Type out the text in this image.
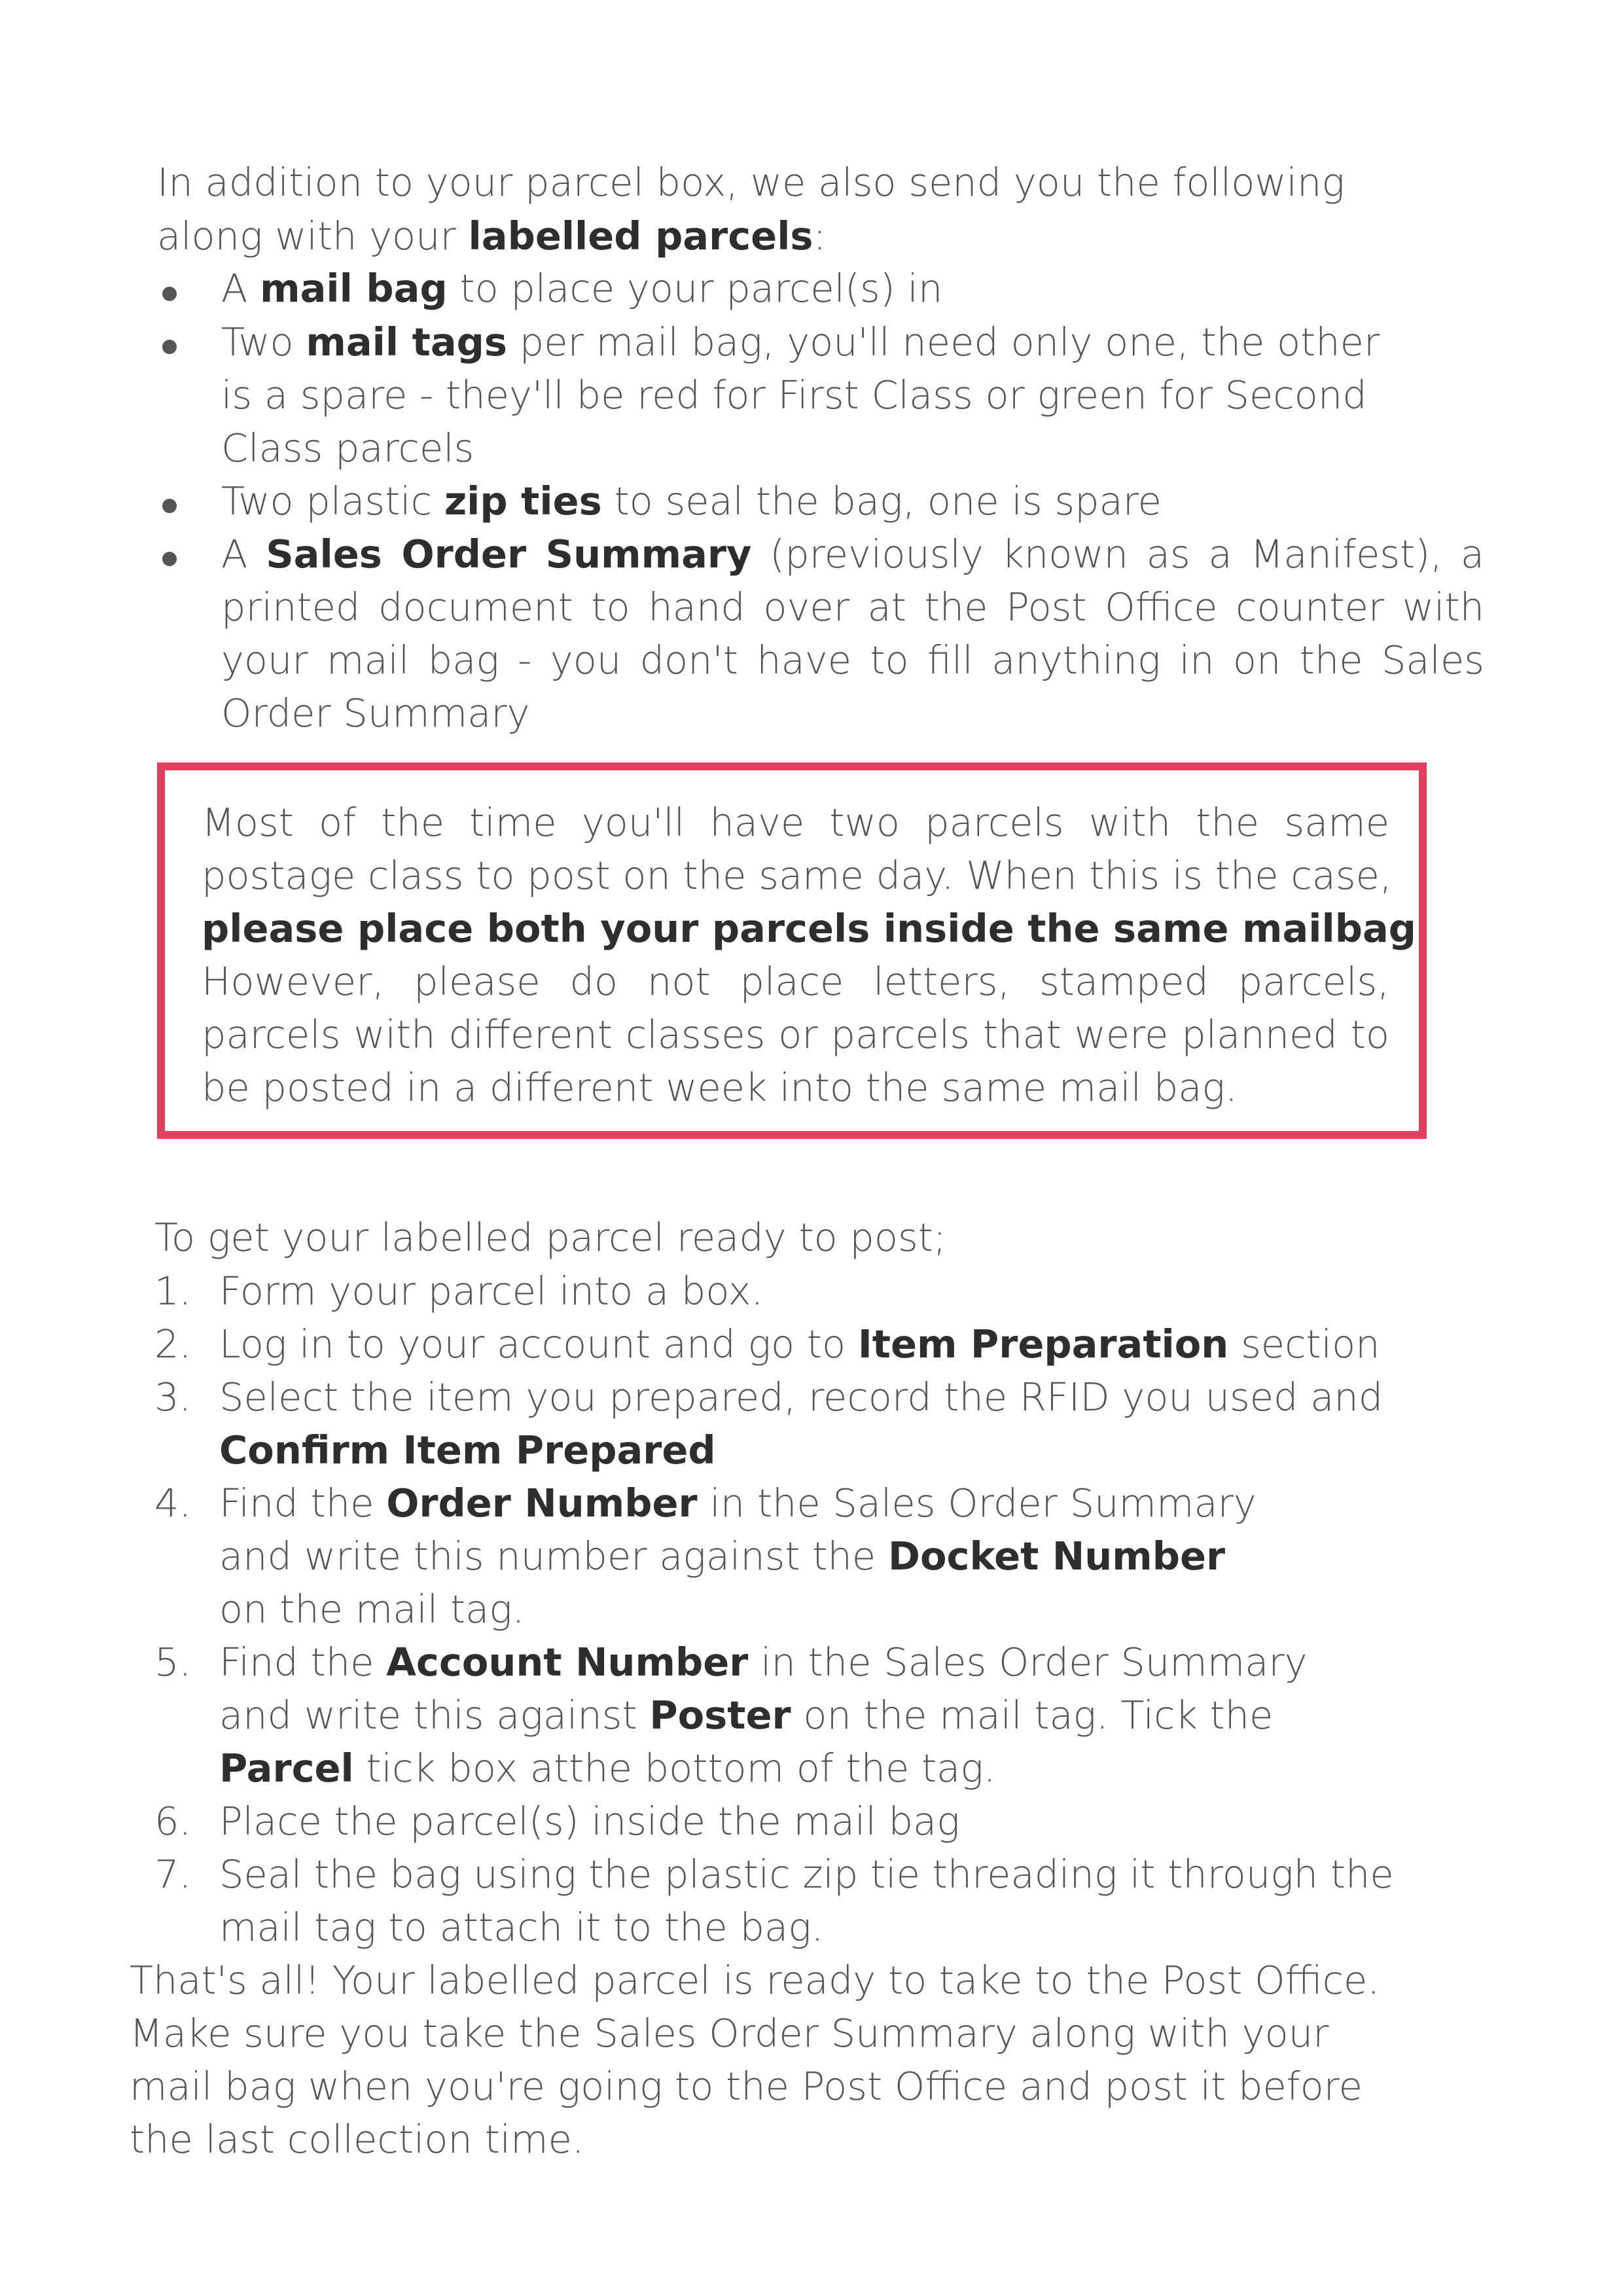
In addition to your parcel box, we also send you the following
along with your labelled parcels:
A mail bag to place your parcel(s) in
Two mail tags per mail bag, you'll need only one, the other
is a spare - they'll be red for First Class or green for Second
Class parcels
Two plastic zip ties to seal the bag, one is spare
A Sales Order Summary (previously known as a Manifest), a
printed document to hand over at the Post Office counter with
your mail bag - you don't have to fill anything in on the Sales
Order Summary
Most of the time you'll have two parcels with the same
postage class to post on the same day. When this is the case,
please place both your parcels inside the same mailbag
However, please do not place letters, stamped parcels,
parcels with different classes or parcels that were planned to
be posted in a different week into the same mail bag.
To get your labelled parcel ready to post;
1. Form your parcel into a box.
2. Log in to your account and go to Item Preparation section
3. Select the item you prepared, record the RFID you used and
Confirm Item Prepared
4. Find the Order Number in the Sales Order Summary
and write this number against the Docket Number
on the mail tag.
5. Find the Account Number in the Sales Order Summary
and write this against Poster on the mail tag. Tick the
Parcel tick box atthe bottom of the tag.
6. Place the parcel(s) inside the mail bag
7. Seal the bag using the plastic zip tie threading it through the
mail tag to attach it to the bag.
That's all! Your labelled parcel is ready to take to the Post Office.
Make sure you take the Sales Order Summary along with your
mail bag when you're going to the Post Office and post it before
the last collection time.
